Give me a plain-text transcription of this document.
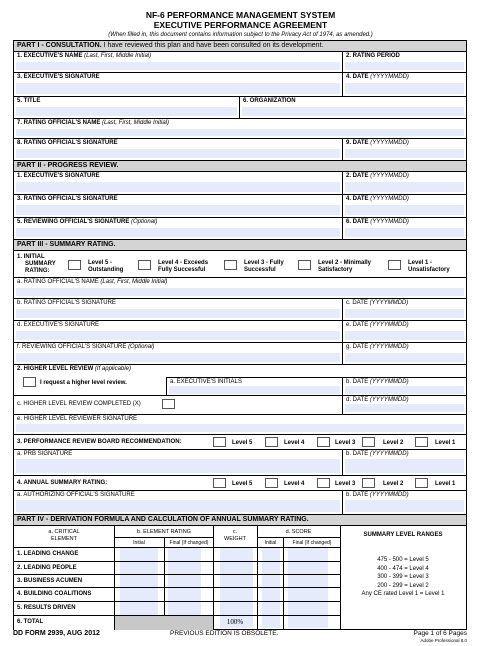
NF-6 PERFORMANCE MANAGEMENT SYSTEM
EXECUTIVE PERFORMANCE AGREEMENT
(When filled in, this document contains information subject to the Privacy Act of 1974, as amended.)
PART I - CONSULTATION. I have reviewed this plan and have been consulted on its development.
1. EXECUTIVE'S NAME (Last, First, Middle Initial)	2. RATING PERIOD
3. EXECUTIVE'S SIGNATURE	4. DATE (YYYYMMDD)
5. TITLE	6. ORGANIZATION
7. RATING OFFICIAL'S NAME (Last, First, Middle Initial)
8. RATING OFFICIAL'S SIGNATURE	9. DATE (YYYYMMDD)
PART II - PROGRESS REVIEW.
1. EXECUTIVE'S SIGNATURE	2. DATE (YYYYMMDD)
3. RATING OFFICIAL'S SIGNATURE	4. DATE (YYYYMMDD)
5. REVIEWING OFFICIAL'S SIGNATURE (Optional)	6. DATE (YYYYMMDD)
PART III - SUMMARY RATING.
1. INITIAL
SUMMARY
RATING:
Level 5 -
Outstanding
Level 4 - Exceeds
Fully Successful
Level 3 - Fully
Successful
Level 2 - Minimally
Satisfactory
Level 1 -
Unsatisfactory
a. RATING OFFICIAL'S NAME (Last, First, Middle Initial)
b. RATING OFFICIAL'S SIGNATURE	c. DATE (YYYYMMDD)
d. EXECUTIVE'S SIGNATURE	e. DATE (YYYYMMDD)
f. REVIEWING OFFICIAL'S SIGNATURE (Optional)	g. DATE (YYYYMMDD)
2. HIGHER LEVEL REVIEW (If applicable)
I request a higher level review.	a. EXECUTIVE'S INITIALS	b. DATE (YYYYMMDD)
c. HIGHER LEVEL REVIEW COMPLETED (X)
d. DATE (YYYYMMDD)
e. HIGHER LEVEL REVIEWER SIGNATURE
3. PERFORMANCE REVIEW BOARD RECOMMENDATION:	Level 5	Level 4	Level 3	Level 2	Level 1
a. PRB SIGNATURE	b. DATE (YYYYMMDD)
4. ANNUAL SUMMARY RATING:	Level 5	Level 4	Level 3	Level 2	Level 1
a. AUTHORIZING OFFICIAL'S SIGNATURE	b. DATE (YYYYMMDD)
PART IV - DERIVATION FORMULA AND CALCULATION OF ANNUAL SUMMARY RATING.
a. CRITICAL
ELEMENT
b. ELEMENT RATING
Initial	Final (If changed)
c.
WEIGHT
d. SCORE
Initial	Final (If changed)
1. LEADING CHANGE
2. LEADING PEOPLE
3. BUSINESS ACUMEN
4. BUILDING COALITIONS
5. RESULTS DRIVEN
6. TOTAL	100%
SUMMARY LEVEL RANGES
475 - 500 = Level 5
400 - 474 = Level 4
300 - 399 = Level 3
200 - 299 = Level 2
Any CE rated Level 1 = Level 1
DD FORM 2939, AUG 2012	PREVIOUS EDITION IS OBSOLETE.	Page 1 of 6 Pages
Adobe Professional 8.0
